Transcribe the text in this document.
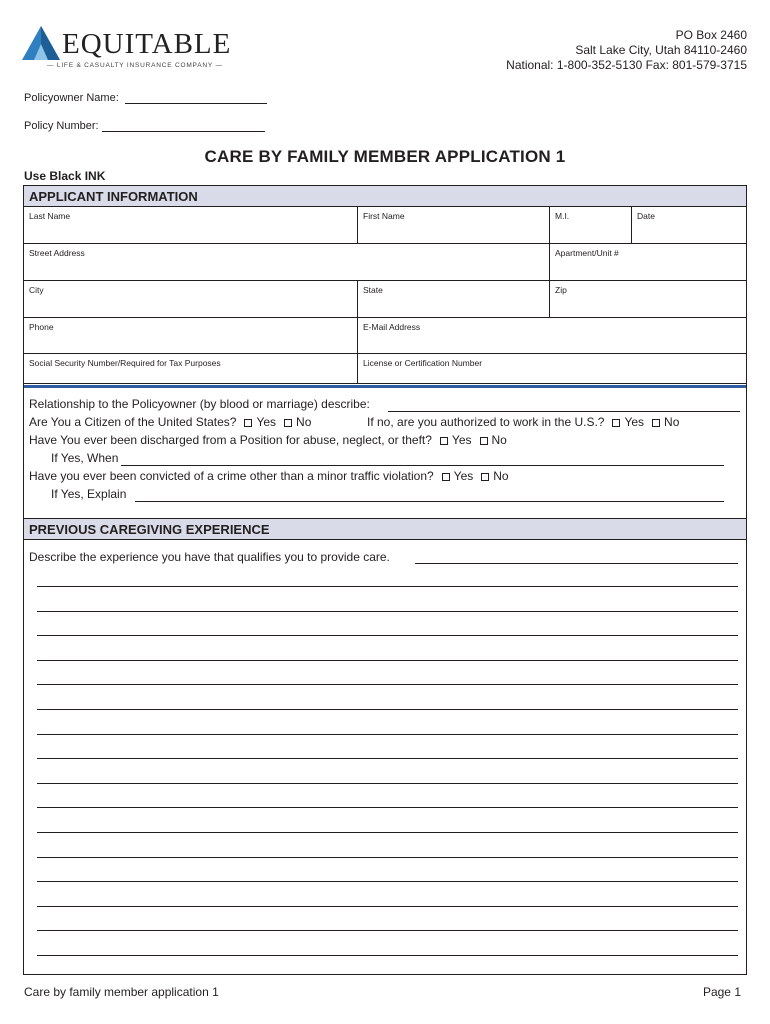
EQUITABLE
— LIFE & CASUALTY INSURANCE COMPANY —
PO Box 2460
Salt Lake City, Utah 84110-2460
National: 1-800-352-5130 Fax: 801-579-3715
Policyowner Name:
Policy Number:
CARE BY FAMILY MEMBER APPLICATION 1
Use Black INK
APPLICANT INFORMATION
Last Name	First Name	M.I.	Date
Street Address	Apartment/Unit #
City	State	Zip
Phone	E-Mail Address
Social Security Number/Required for Tax Purposes	License or Certification Number
Relationship to the Policyowner (by blood or marriage) describe:
Are You a Citizen of the United States? Yes No	If no, are you authorized to work in the U.S.? Yes No
Have You ever been discharged from a Position for abuse, neglect, or theft? Yes No
If Yes, When
Have you ever been convicted of a crime other than a minor traffic violation? Yes No
If Yes, Explain
PREVIOUS CAREGIVING EXPERIENCE
Describe the experience you have that qualifies you to provide care.
Care by family member application 1	Page 1
